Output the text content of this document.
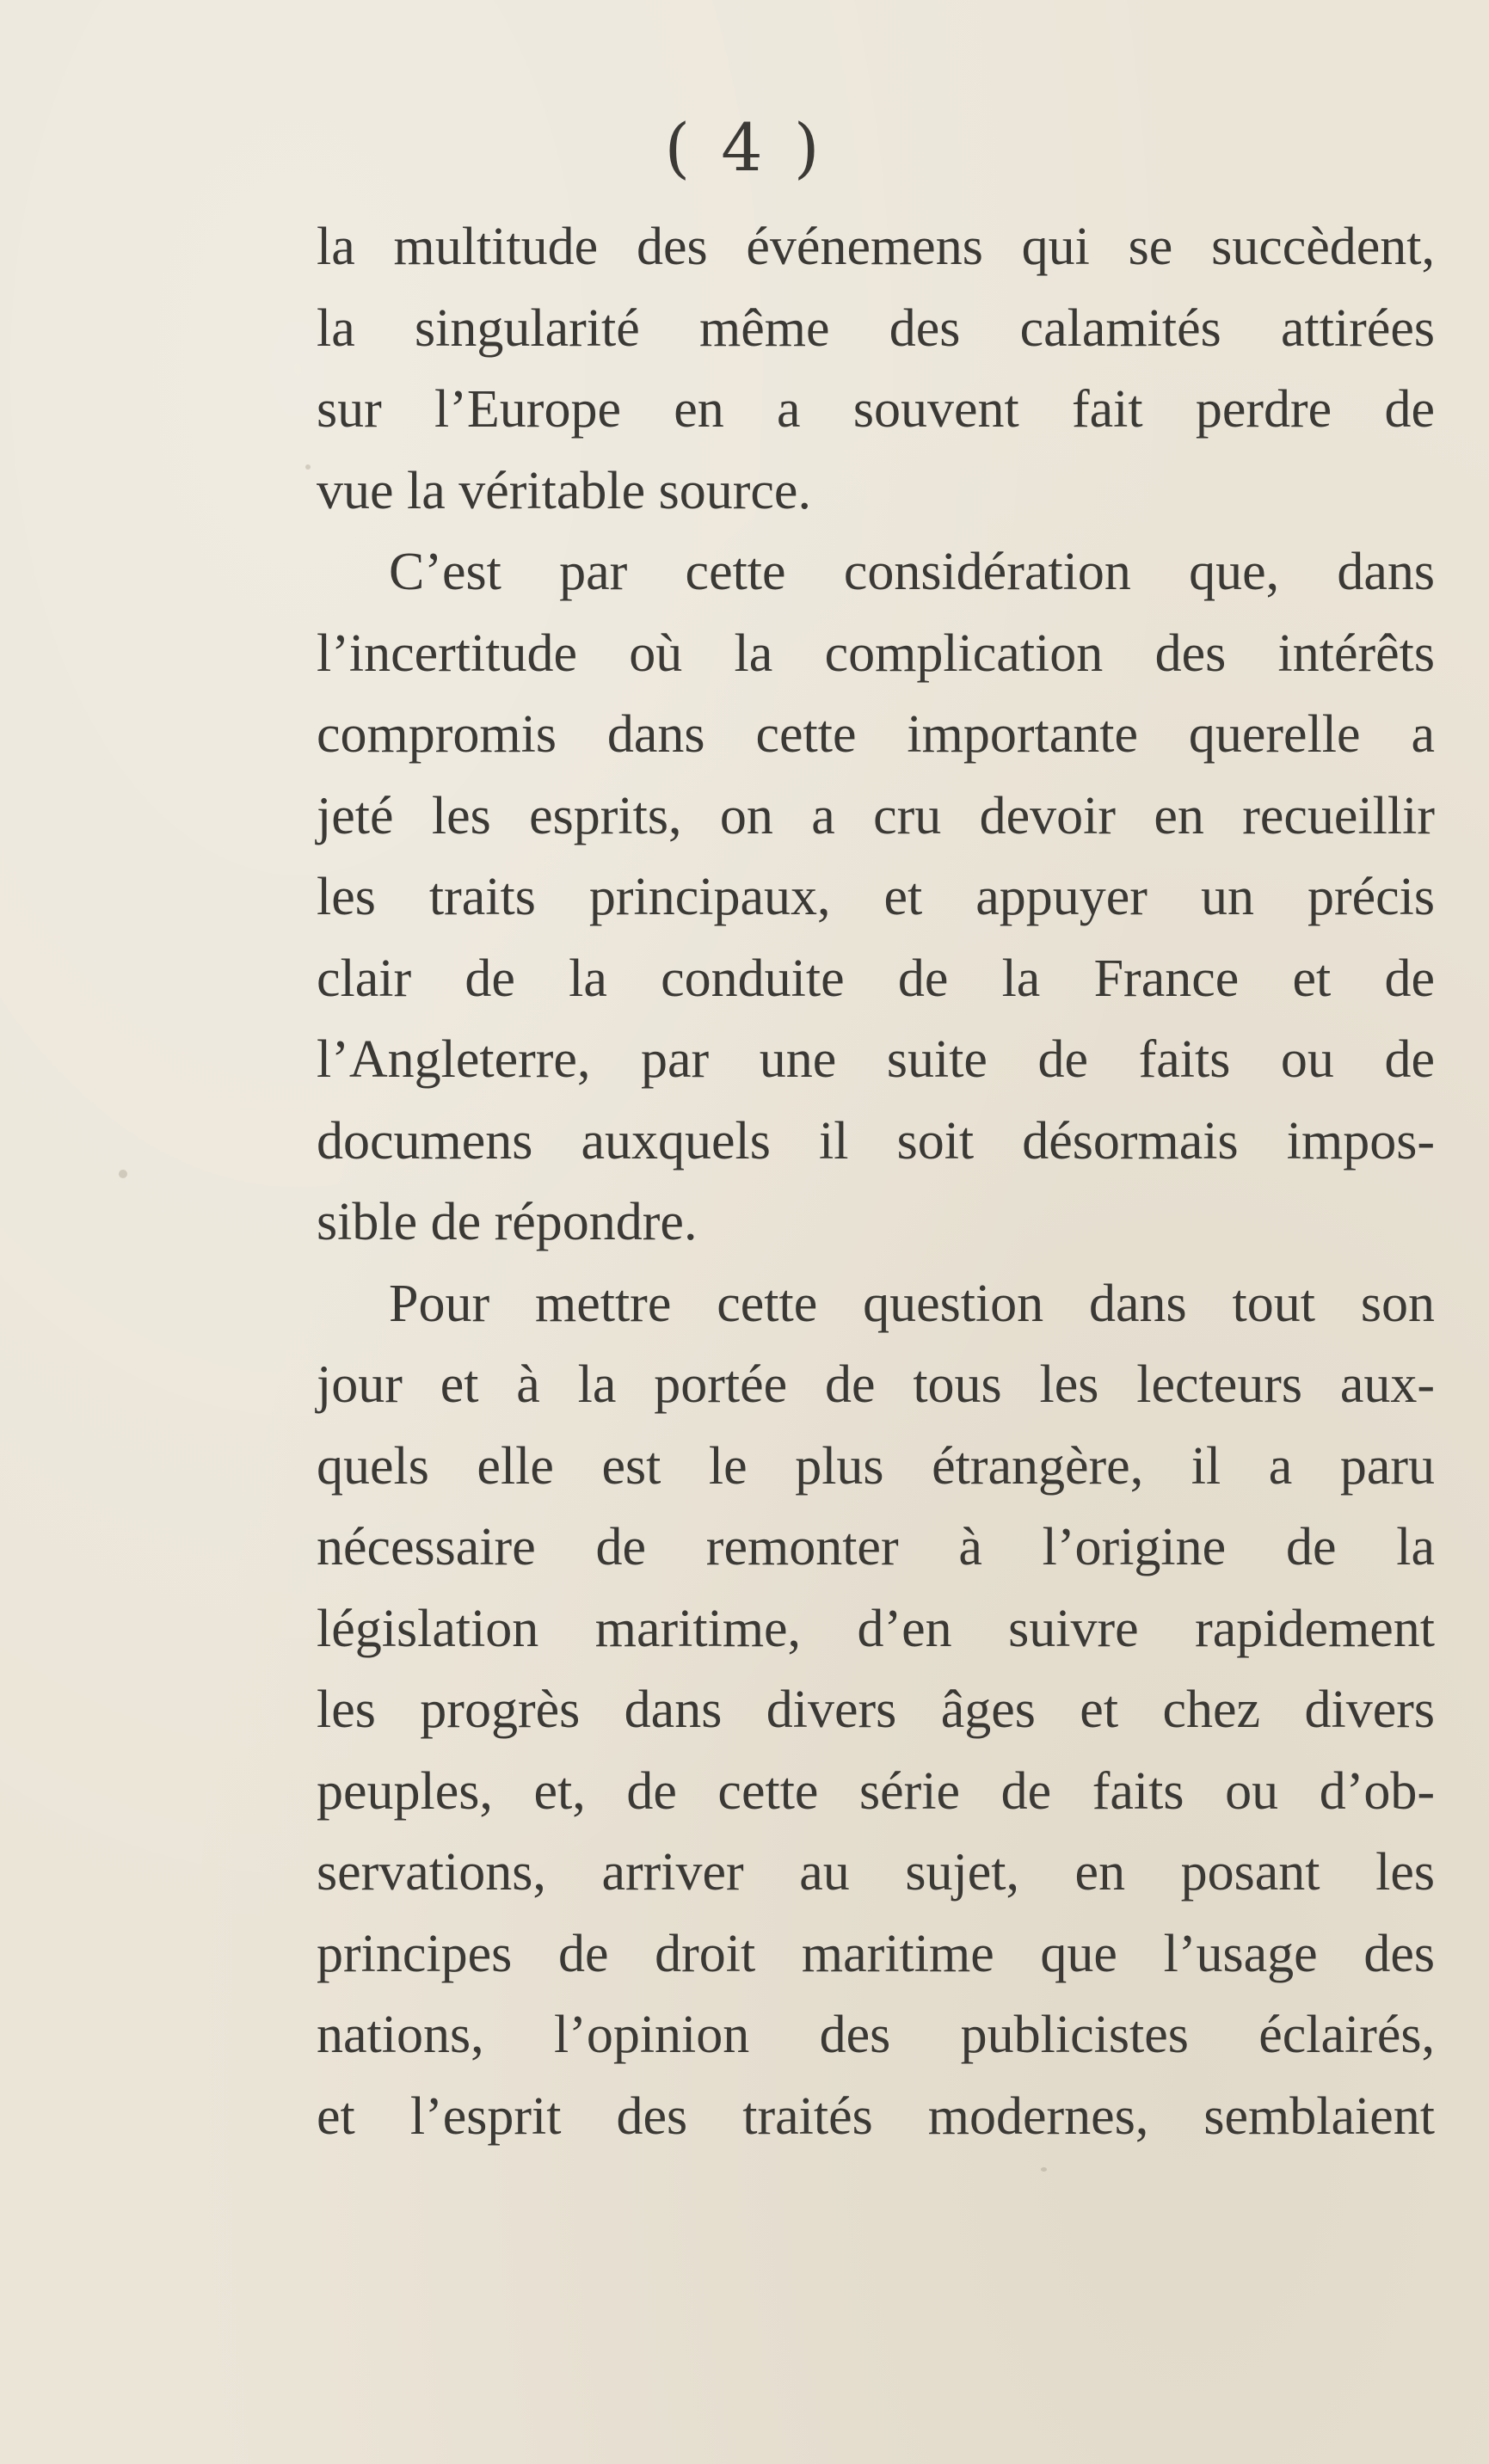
( 4 )
la multitude des événemens qui se succèdent,
la singularité même des calamités attirées
sur l’Europe en a souvent fait perdre de
vue la véritable source.
C’est par cette considération que, dans
l’incertitude où la complication des intérêts
compromis dans cette importante querelle a
jeté les esprits, on a cru devoir en recueillir
les traits principaux, et appuyer un précis
clair de la conduite de la France et de
l’Angleterre, par une suite de faits ou de
documens auxquels il soit désormais impos-
sible de répondre.
Pour mettre cette question dans tout son
jour et à la portée de tous les lecteurs aux-
quels elle est le plus étrangère, il a paru
nécessaire de remonter à l’origine de la
législation maritime, d’en suivre rapidement
les progrès dans divers âges et chez divers
peuples, et, de cette série de faits ou d’ob-
servations, arriver au sujet, en posant les
principes de droit maritime que l’usage des
nations, l’opinion des publicistes éclairés,
et l’esprit des traités modernes, semblaient
